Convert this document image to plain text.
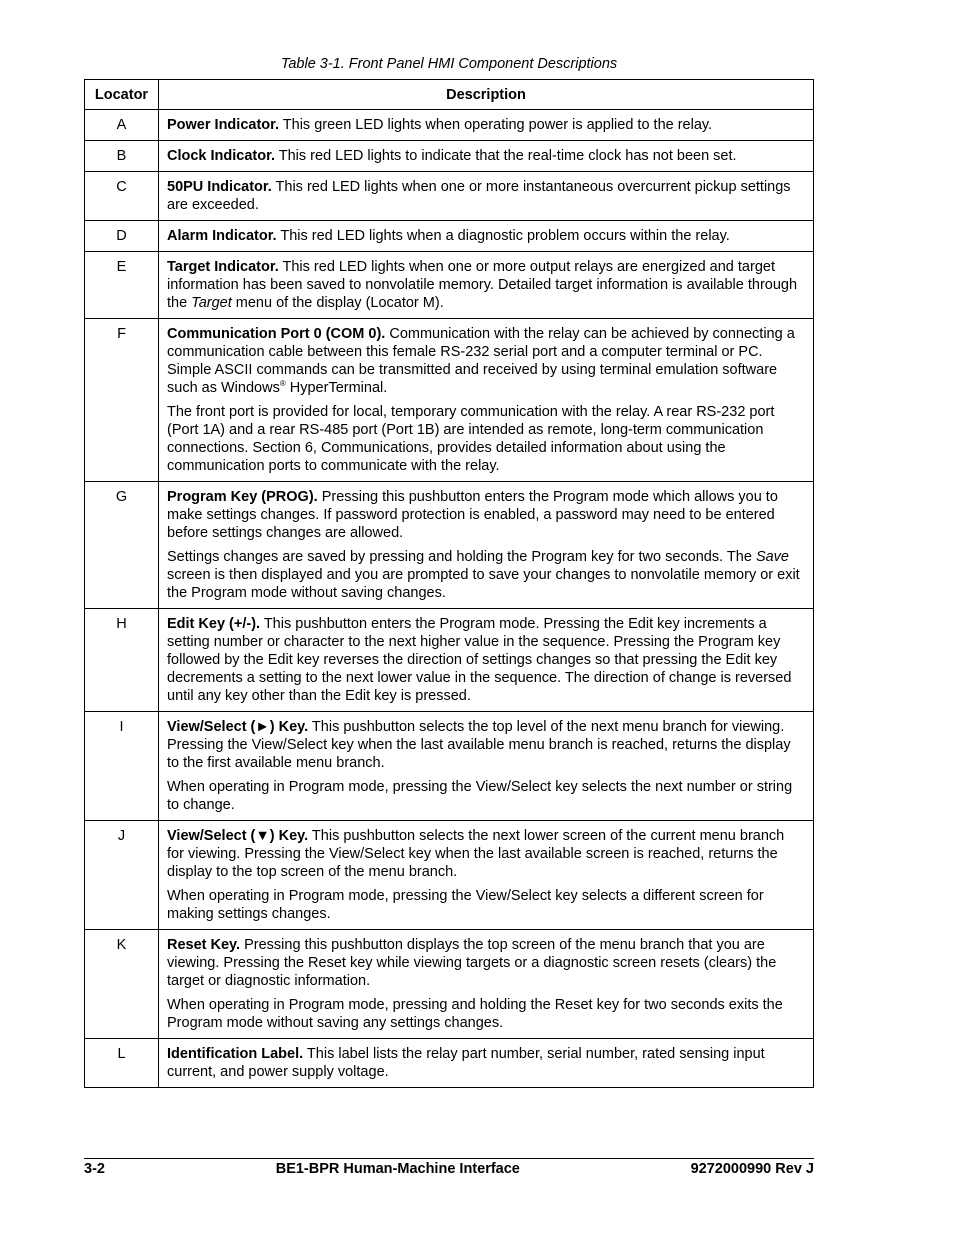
Table 3-1. Front Panel HMI Component Descriptions
Locator	Description
A	Power Indicator. This green LED lights when operating power is applied to the relay.

B	Clock Indicator. This red LED lights to indicate that the real-time clock has not been set.

C	50PU Indicator. This red LED lights when one or more instantaneous overcurrent pickup settings are exceeded.

D	Alarm Indicator. This red LED lights when a diagnostic problem occurs within the relay.

E	Target Indicator. This red LED lights when one or more output relays are energized and target information has been saved to nonvolatile memory. Detailed target information is available through the Target menu of the display (Locator M).

F	Communication Port 0 (COM 0). Communication with the relay can be achieved by connecting a communication cable between this female RS-232 serial port and a computer terminal or PC. Simple ASCII commands can be transmitted and received by using terminal emulation software such as Windows® HyperTerminal.

The front port is provided for local, temporary communication with the relay. A rear RS-232 port (Port 1A) and a rear RS-485 port (Port 1B) are intended as remote, long-term communication connections. Section 6, Communications, provides detailed information about using the communication ports to communicate with the relay.

G	Program Key (PROG). Pressing this pushbutton enters the Program mode which allows you to make settings changes. If password protection is enabled, a password may need to be entered before settings changes are allowed.

Settings changes are saved by pressing and holding the Program key for two seconds. The Save screen is then displayed and you are prompted to save your changes to nonvolatile memory or exit the Program mode without saving changes.

H	Edit Key (+/-). This pushbutton enters the Program mode. Pressing the Edit key increments a setting number or character to the next higher value in the sequence. Pressing the Program key followed by the Edit key reverses the direction of settings changes so that pressing the Edit key decrements a setting to the next lower value in the sequence. The direction of change is reversed until any key other than the Edit key is pressed.

I	View/Select (►) Key. This pushbutton selects the top level of the next menu branch for viewing. Pressing the View/Select key when the last available menu branch is reached, returns the display to the first available menu branch.

When operating in Program mode, pressing the View/Select key selects the next number or string to change.

J	View/Select (▼) Key. This pushbutton selects the next lower screen of the current menu branch for viewing. Pressing the View/Select key when the last available screen is reached, returns the display to the top screen of the menu branch.

When operating in Program mode, pressing the View/Select key selects a different screen for making settings changes.

K	Reset Key. Pressing this pushbutton displays the top screen of the menu branch that you are viewing. Pressing the Reset key while viewing targets or a diagnostic screen resets (clears) the target or diagnostic information.

When operating in Program mode, pressing and holding the Reset key for two seconds exits the Program mode without saving any settings changes.

L	Identification Label. This label lists the relay part number, serial number, rated sensing input current, and power supply voltage.

3-2	BE1-BPR Human-Machine Interface	9272000990 Rev J
